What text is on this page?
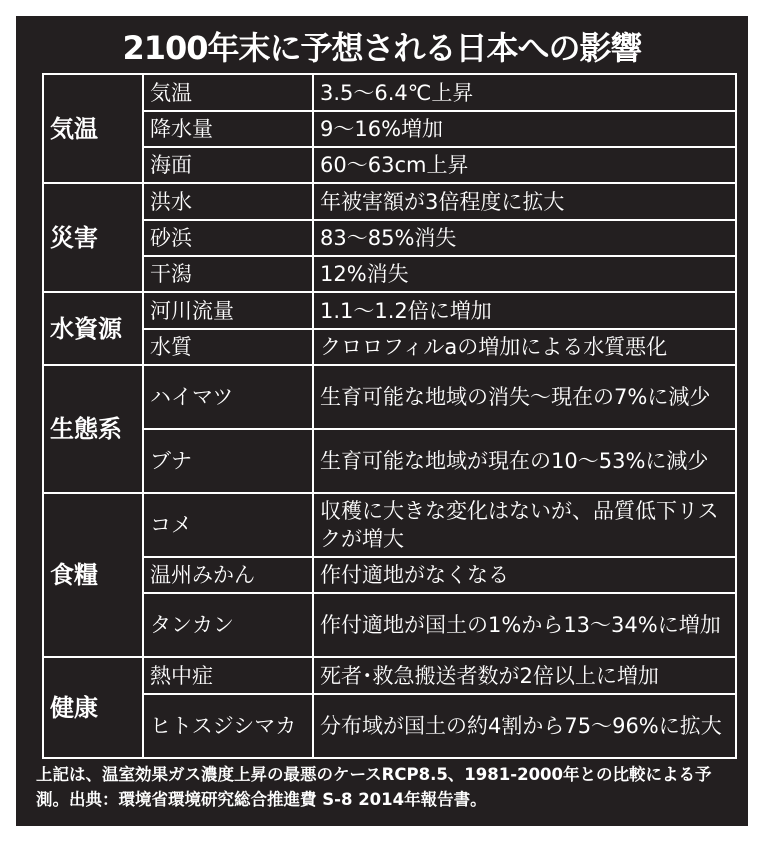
2100年末に予想される日本への影響
気温	気温	3.5～6.4℃上昇
	降水量	9～16%増加
	海面	60～63cm上昇
災害	洪水	年被害額が3倍程度に拡大
	砂浜	83～85%消失
	干潟	12%消失
水資源	河川流量	1.1～1.2倍に増加
	水質	クロロフィルaの増加による水質悪化
生態系	ハイマツ	生育可能な地域の消失～現在の7%に減少
	ブナ	生育可能な地域が現在の10～53%に減少
食糧	コメ	収穫に大きな変化はないが、品質低下リスクが増大
	温州みかん	作付適地がなくなる
	タンカン	作付適地が国土の1%から13～34%に増加
健康	熱中症	死者･救急搬送者数が2倍以上に増加
	ヒトスジシマカ	分布域が国土の約4割から75～96%に拡大
上記は、温室効果ガス濃度上昇の最悪のケースRCP8.5、1981-2000年との比較による予測。出典：環境省環境研究総合推進費 S-8 2014年報告書。
